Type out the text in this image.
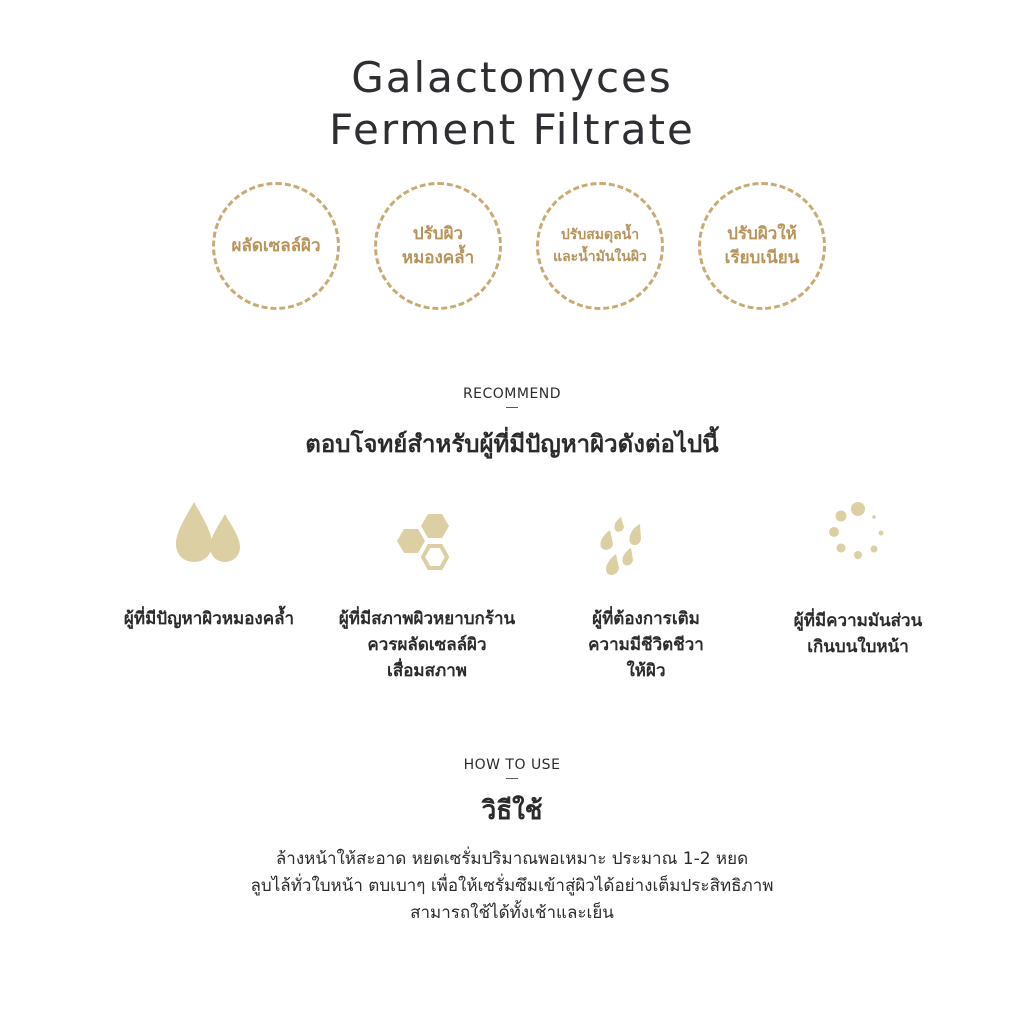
Galactomyces
Ferment Filtrate
ผลัดเซลล์ผิว
ปรับผิว
หมองคล้ำ
ปรับสมดุลน้ำ
และน้ำมันในผิว
ปรับผิวให้
เรียบเนียน
RECOMMEND
ตอบโจทย์สำหรับผู้ที่มีปัญหาผิวดังต่อไปนี้
ผู้ที่มีปัญหาผิวหมองคล้ำ	ผู้ที่มีสภาพผิวหยาบกร้าน
ควรผลัดเซลล์ผิว
เสื่อมสภาพ
ผู้ที่ต้องการเติม
ความมีชีวิตชีวา
ให้ผิว
ผู้ที่มีความมันส่วน
เกินบนใบหน้า
HOW TO USE
วิธีใช้
ล้างหน้าให้สะอาด หยดเซรั่มปริมาณพอเหมาะ ประมาณ 1-2 หยด
ลูบไล้ทั่วใบหน้า ตบเบาๆ เพื่อให้เซรั่มซึมเข้าสู่ผิวได้อย่างเต็มประสิทธิภาพ
สามารถใช้ได้ทั้งเช้าและเย็น
